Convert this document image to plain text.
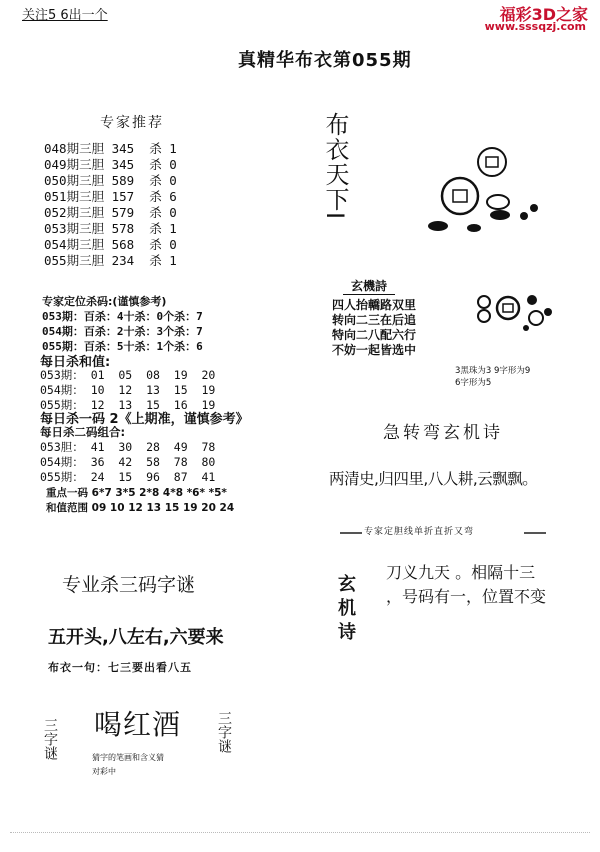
关注5 6出一个	福彩3D之家
www.sssqzj.com
真精华布衣第055期
专家推荐
048期三胆 345  杀 1
049期三胆 345  杀 0
050期三胆 589  杀 0
051期三胆 157  杀 6
052期三胆 579  杀 0
053期三胆 578  杀 1
054期三胆 568  杀 0
055期三胆 234  杀 1
专家定位杀码:(谨慎参考)
053期：百杀：4十杀：0个杀：7
054期：百杀：2十杀：3个杀：7
055期：百杀：5十杀：1个杀：6
每日杀和值:
053期： 01  05  08  19  20
054期： 10  12  13  15  19
055期： 12  13  15  16  19
每日杀一码 2《上期准，谨慎参考》
每日杀二码组合:
053胆： 41  30  28  49  78
054期： 36  42  58  78  80
055期： 24  15  96  87  41
重点一码 6*7 3*5 2*8 4*8 *6* *5*
和值范围 09 10 12 13 15 19 20 24
专业杀三码字谜
五开头,八左右,六要来
布衣一句：七三要出看八五
三字谜 喝红酒
猜字的笔画和含义猜
对彩中
三字谜
布衣天下I
玄機詩
四人抬轎路双里
转向二三在后追
特向二八配六行
不妨一起皆选中
3黑珠为3 9字形为9
6字形为5
急转弯玄机诗
两清史,归四里,八人耕,云飘飘。
专家定胆线单折直折又弯
玄机诗
刀义九天 。相隔十三
，号码有一，位置不变
